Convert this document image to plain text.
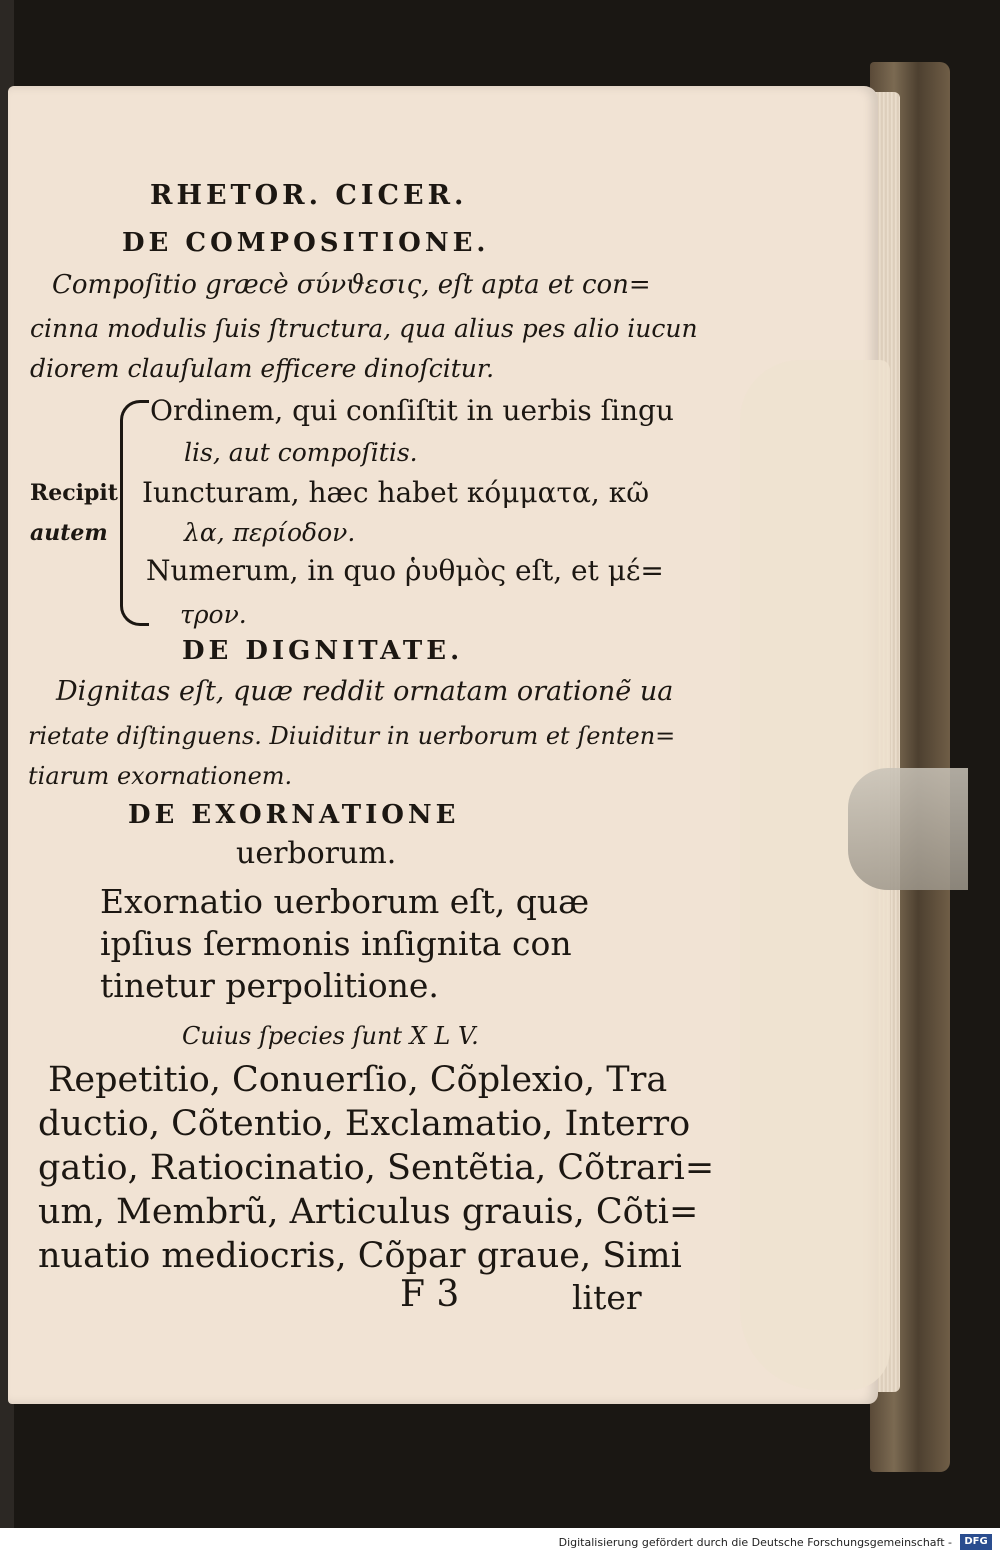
RHETOR. CICER.
DE COMPOSITIONE.
Compoſitio græcè σύνϑεσις, eſt apta et con=
cinna modulis ſuis ſtructura, qua alius pes alio iucun
diorem clauſulam efficere dinoſcitur.
Recipit
autem
Ordinem, qui conſiſtit in uerbis ſingu
lis, aut compoſitis.
Iuncturam, hæc habet κόμματα, κῶ
λα, περίοδον.
Numerum, in quo ῥυθμὸς eſt, et μέ=
τρον.
DE DIGNITATE.
Dignitas eſt, quæ reddit ornatam orationẽ ua
rietate diſtinguens. Diuiditur in uerborum et ſenten=
tiarum exornationem.
DE EXORNATIONE
uerborum.
Exornatio uerborum eſt, quæ
ipſius ſermonis inſignita con
tinetur perpolitione.
Cuius ſpecies ſunt X L V.
Repetitio, Conuerſio, Cõplexio, Tra
ductio, Cõtentio, Exclamatio, Interro
gatio, Ratiocinatio, Sentẽtia, Cõtrari=
um, Membrũ, Articulus grauis, Cõti=
nuatio mediocris, Cõpar graue, Simi
F 3	liter
Digitalisierung gefördert durch die Deutsche Forschungsgemeinschaft -	DFG
